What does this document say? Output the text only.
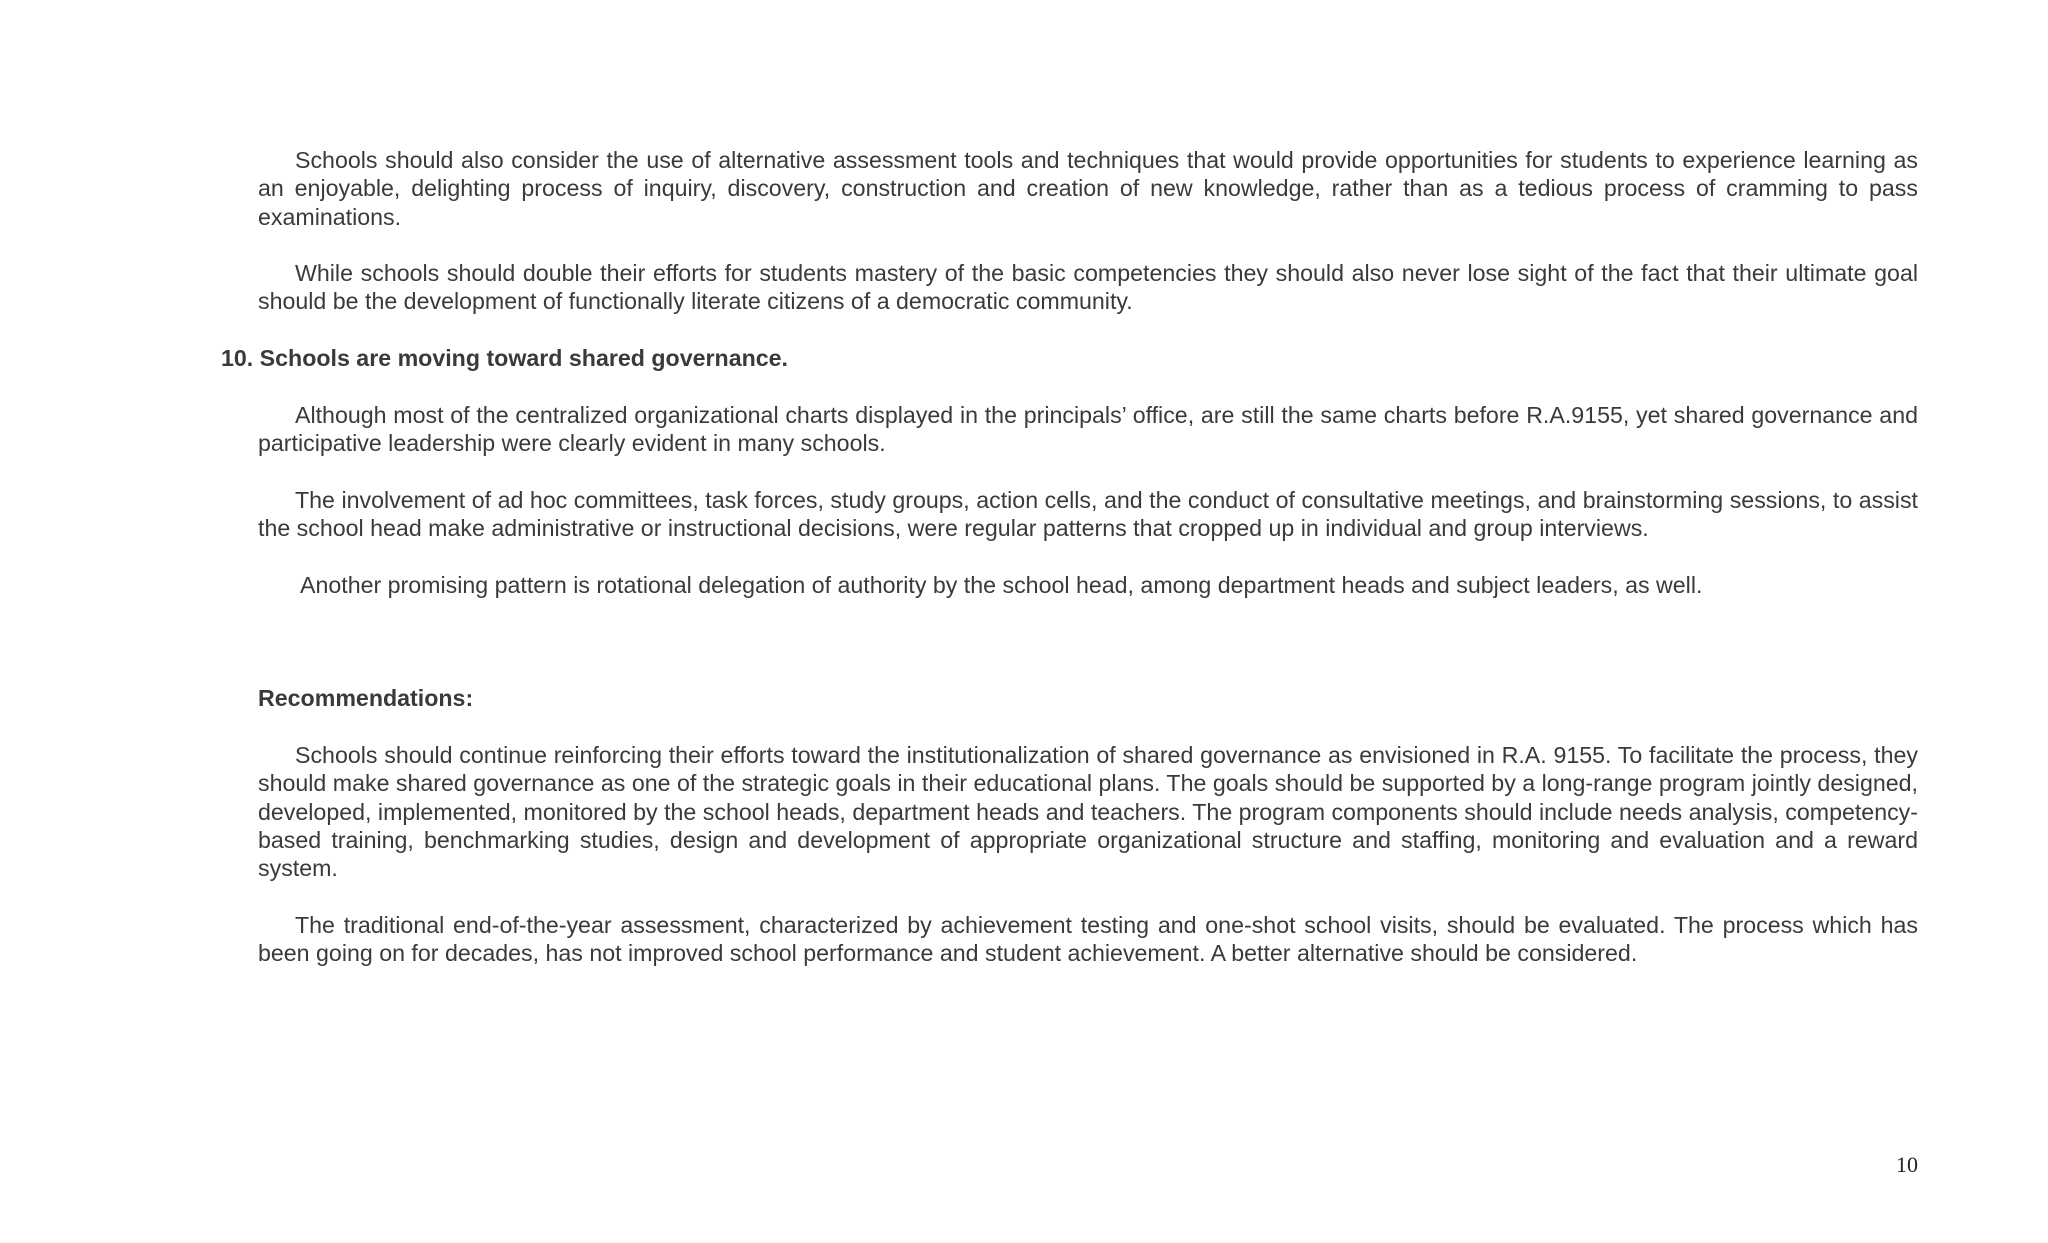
Schools should also consider the use of alternative assessment tools and techniques that would provide opportunities for students to experience learning as an enjoyable, delighting process of inquiry, discovery, construction and creation of new knowledge, rather than as a tedious process of cramming to pass examinations.

While schools should double their efforts for students mastery of the basic competencies they should also never lose sight of the fact that their ultimate goal should be the development of functionally literate citizens of a democratic community.

10. Schools are moving toward shared governance.

Although most of the centralized organizational charts displayed in the principals’ office, are still the same charts before R.A.9155, yet shared governance and participative leadership were clearly evident in many schools.

The involvement of ad hoc committees, task forces, study groups, action cells, and the conduct of consultative meetings, and brainstorming sessions, to assist the school head make administrative or instructional decisions, were regular patterns that cropped up in individual and group interviews.

Another promising pattern is rotational delegation of authority by the school head, among department heads and subject leaders, as well.

Recommendations:

Schools should continue reinforcing their efforts toward the institutionalization of shared governance as envisioned in R.A. 9155. To facilitate the process, they should make shared governance as one of the strategic goals in their educational plans. The goals should be supported by a long-range program jointly designed, developed, implemented, monitored by the school heads, department heads and teachers. The program components should include needs analysis, competency-based training, benchmarking studies, design and development of appropriate organizational structure and staffing, monitoring and evaluation and a reward system.

The traditional end-of-the-year assessment, characterized by achievement testing and one-shot school visits, should be evaluated. The process which has been going on for decades, has not improved school performance and student achievement. A better alternative should be considered.

10
